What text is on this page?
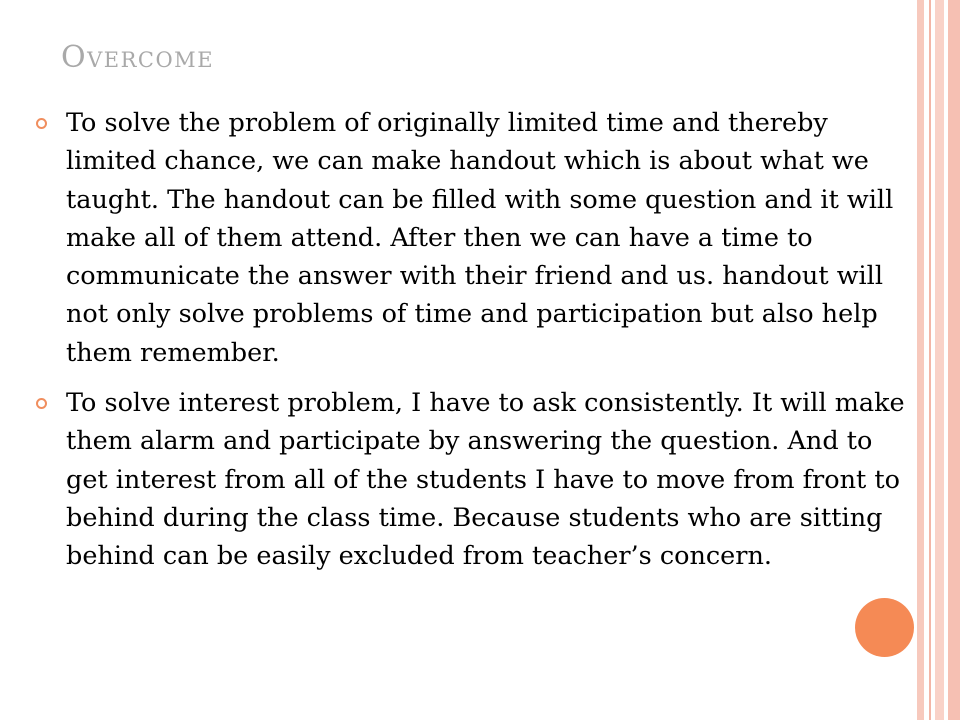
Overcome
To solve the problem of originally limited time and thereby limited chance, we can make handout which is about what we taught. The handout can be filled with some question and it will make all of them attend. After then we can have a time to communicate the answer with their friend and us. handout will not only solve problems of time and participation but also help them remember.
To solve interest problem, I have to ask consistently. It will make them alarm and participate by answering the question. And to get interest from all of the students I have to move from front to behind during the class time. Because students who are sitting behind can be easily excluded from teacher’s concern.
